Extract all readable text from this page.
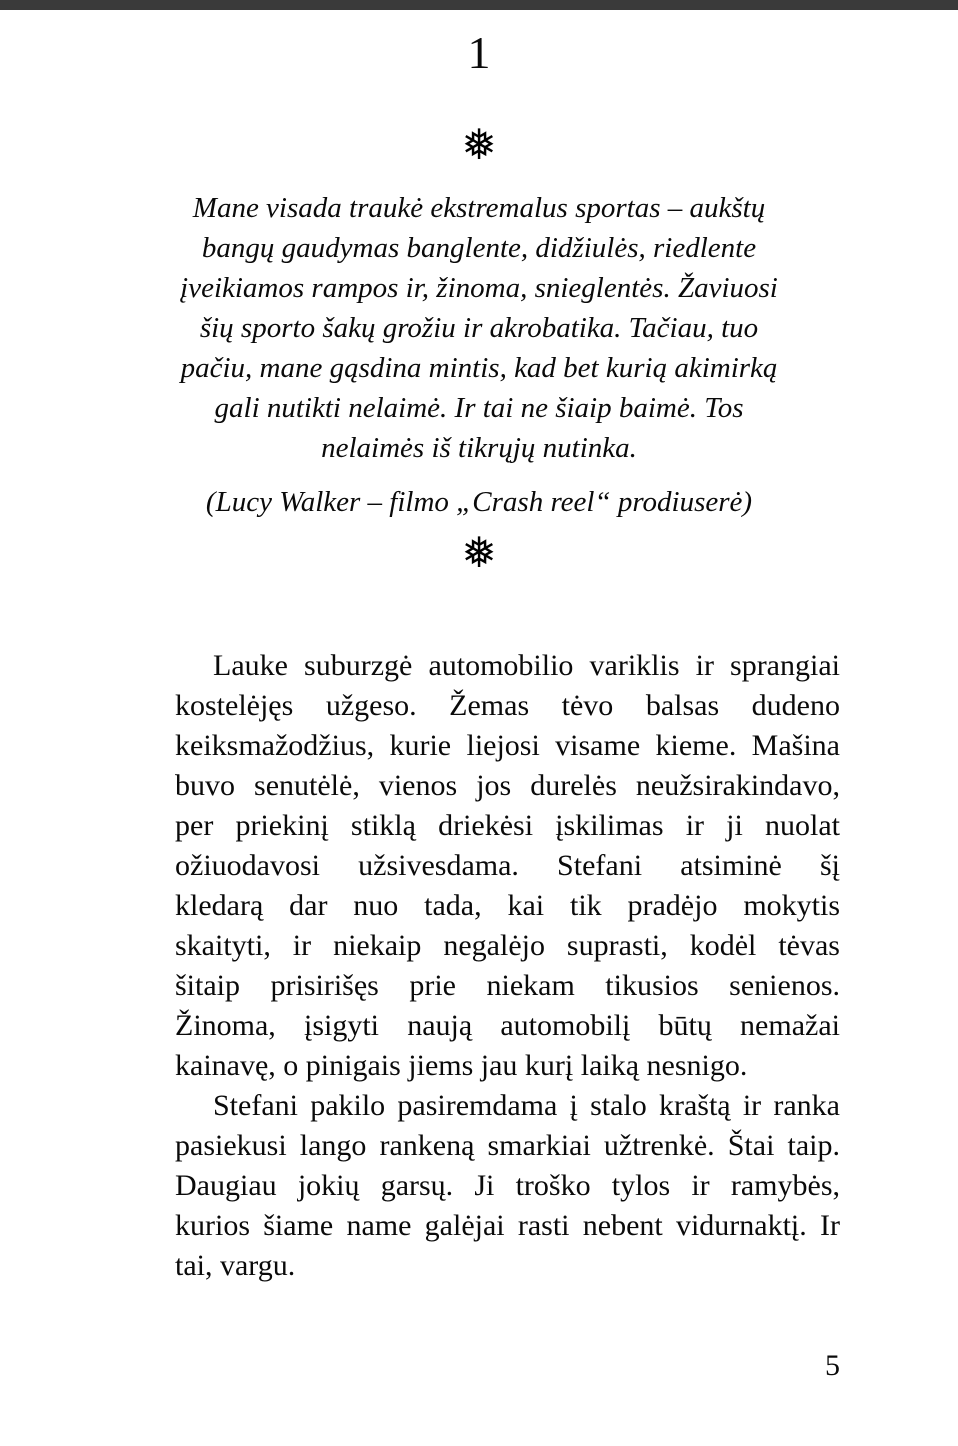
1
❅
Mane visada traukė ekstremalus sportas – aukštų
bangų gaudymas banglente, didžiulės, riedlente
įveikiamos rampos ir, žinoma, snieglentės. Žaviuosi
šių sporto šakų grožiu ir akrobatika. Tačiau, tuo
pačiu, mane gąsdina mintis, kad bet kurią akimirką
gali nutikti nelaimė. Ir tai ne šiaip baimė. Tos
nelaimės iš tikrųjų nutinka.
(Lucy Walker – filmo „Crash reel“ prodiuserė)
❅
Lauke suburzgė automobilio variklis ir sprangiai
kostelėjęs užgeso. Žemas tėvo balsas dudeno
keiksmažodžius, kurie liejosi visame kieme. Mašina
buvo senutėlė, vienos jos durelės neužsirakindavo,
per priekinį stiklą driekėsi įskilimas ir ji nuolat
ožiuodavosi užsivesdama. Stefani atsiminė šį
kledarą dar nuo tada, kai tik pradėjo mokytis
skaityti, ir niekaip negalėjo suprasti, kodėl tėvas
šitaip prisirišęs prie niekam tikusios senienos.
Žinoma, įsigyti naują automobilį būtų nemažai
kainavę, o pinigais jiems jau kurį laiką nesnigo.
Stefani pakilo pasiremdama į stalo kraštą ir ranka
pasiekusi lango rankeną smarkiai užtrenkė. Štai taip.
Daugiau jokių garsų. Ji troško tylos ir ramybės,
kurios šiame name galėjai rasti nebent vidurnaktį. Ir
tai, vargu.
5
